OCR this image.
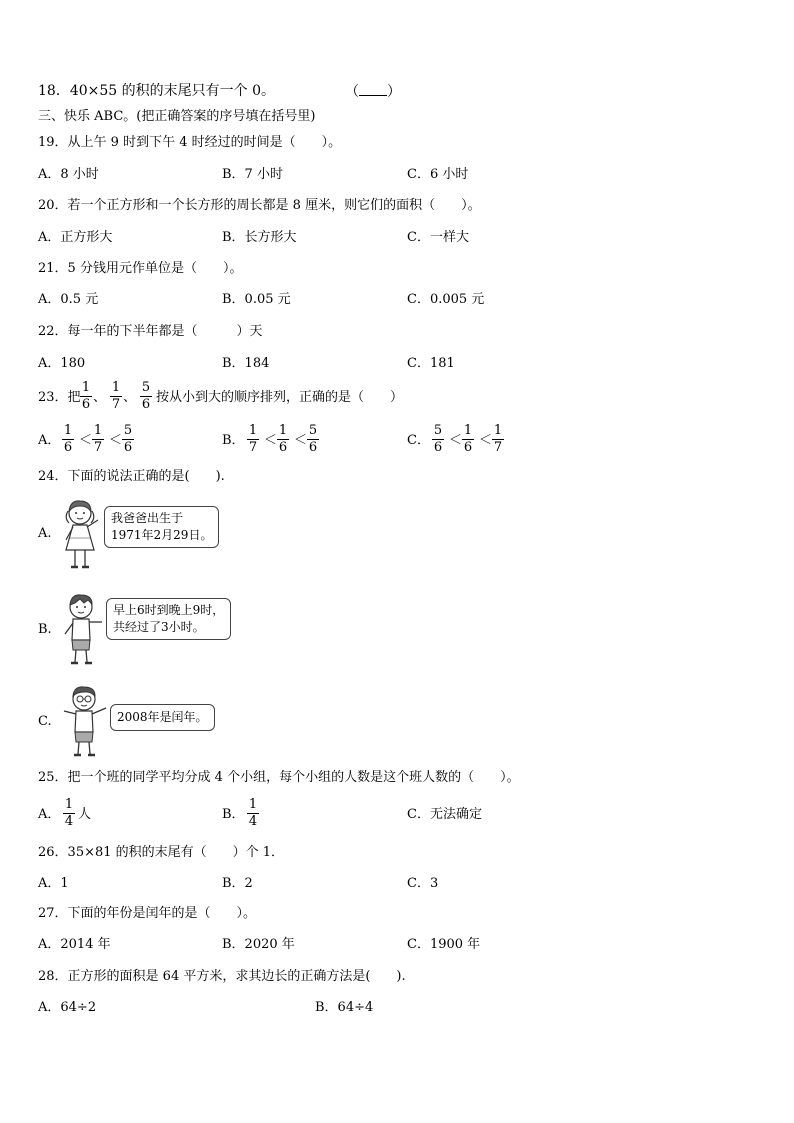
18．40×55 的积的末尾只有一个 0。	（ ）
三、快乐 ABC。(把正确答案的序号填在括号里)
19．从上午 9 时到下午 4 时经过的时间是（　　）。
A．8 小时	B．7 小时	C．6 小时
20．若一个正方形和一个长方形的周长都是 8 厘米，则它们的面积（　　）。
A．正方形大	B．长方形大	C．一样大
21．5 分钱用元作单位是（　　）。
A．0.5 元	B．0.05 元	C．0.005 元
22．每一年的下半年都是（　　　）天
A．180	B．184	C．181
23．把 $\frac{1}{6}$ 、 $\frac{1}{7}$ 、 $\frac{5}{6}$ 按从小到大的顺序排列，正确的是（　　）
A． $\frac{1}{6} < \frac{1}{7} < \frac{5}{6}$	B． $\frac{1}{7} < \frac{1}{6} < \frac{5}{6}$	C． $\frac{5}{6} < \frac{1}{6} < \frac{1}{7}$
24．下面的说法正确的是(　　).
A.
我爸爸出生于
1971年2月29日。
B.
早上6时到晚上9时，
共经过了3小时。
C.	2008年是闰年。
25．把一个班的同学平均分成 4 个小组，每个小组的人数是这个班人数的（　　）。
A． $\frac{1}{4}$ 人	B． $\frac{1}{4}$	C．无法确定
26．35×81 的积的末尾有（　　）个 1．
A．1	B．2	C．3
27．下面的年份是闰年的是（　　）。
A．2014 年	B．2020 年	C．1900 年
28．正方形的面积是 64 平方米，求其边长的正确方法是(　　).
A．64÷2	B．64÷4
